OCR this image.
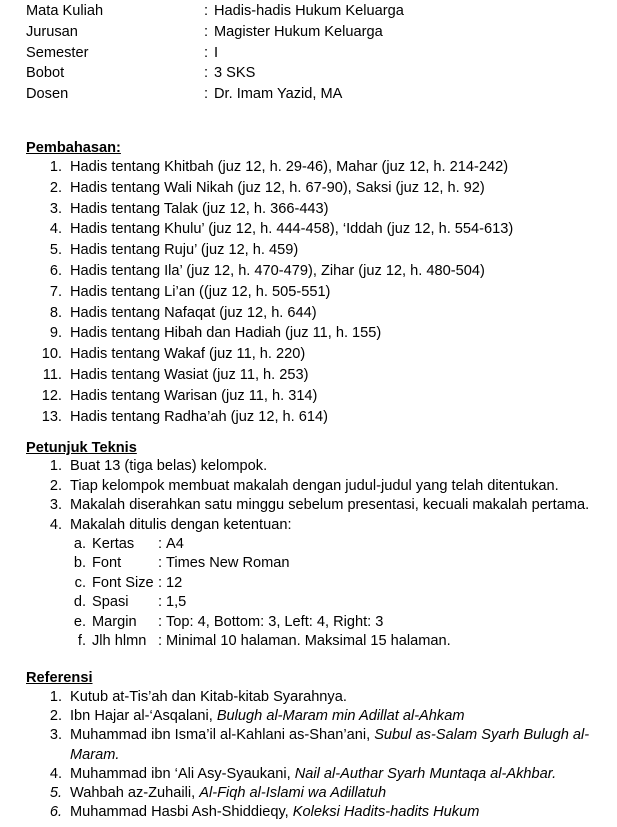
Mata Kuliah	: Hadis-hadis Hukum Keluarga
Jurusan	: Magister Hukum Keluarga
Semester	: I
Bobot	: 3 SKS
Dosen	: Dr. Imam Yazid, MA
Pembahasan:
1. Hadis tentang Khitbah (juz 12, h. 29-46), Mahar (juz 12, h. 214-242)
2. Hadis tentang Wali Nikah (juz 12, h. 67-90), Saksi (juz 12, h. 92)
3. Hadis tentang Talak (juz 12, h. 366-443)
4. Hadis tentang Khulu’ (juz 12, h. 444-458), ‘Iddah (juz 12, h. 554-613)
5. Hadis tentang Ruju’ (juz 12, h. 459)
6. Hadis tentang Ila’ (juz 12, h. 470-479), Zihar (juz 12, h. 480-504)
7. Hadis tentang Li’an ((juz 12, h. 505-551)
8. Hadis tentang Nafaqat (juz 12, h. 644)
9. Hadis tentang Hibah dan Hadiah (juz 11, h. 155)
10. Hadis tentang Wakaf (juz 11, h. 220)
11. Hadis tentang Wasiat (juz 11, h. 253)
12. Hadis tentang Warisan (juz 11, h. 314)
13. Hadis tentang Radha’ah (juz 12, h. 614)
Petunjuk Teknis
1. Buat 13 (tiga belas) kelompok.
2. Tiap kelompok membuat makalah dengan judul-judul yang telah ditentukan.
3. Makalah diserahkan satu minggu sebelum presentasi, kecuali makalah pertama.
4. Makalah ditulis dengan ketentuan:
a. Kertas : A4
b. Font	: Times New Roman
c. Font Size : 12
d. Spasi : 1,5
e. Margin : Top: 4, Bottom: 3, Left: 4, Right: 3
f. Jlh hlmn : Minimal 10 halaman. Maksimal 15 halaman.
Referensi
1. Kutub at-Tis’ah dan Kitab-kitab Syarahnya.
2. Ibn Hajar al-‘Asqalani, Bulugh al-Maram min Adillat al-Ahkam
3. Muhammad ibn Isma’il al-Kahlani as-Shan’ani, Subul as-Salam Syarh Bulugh al-Maram.
4. Muhammad ibn ‘Ali Asy-Syaukani, Nail al-Authar Syarh Muntaqa al-Akhbar.
5. Wahbah az-Zuhaili, Al-Fiqh al-Islami wa Adillatuh
6. Muhammad Hasbi Ash-Shiddieqy, Koleksi Hadits-hadits Hukum
